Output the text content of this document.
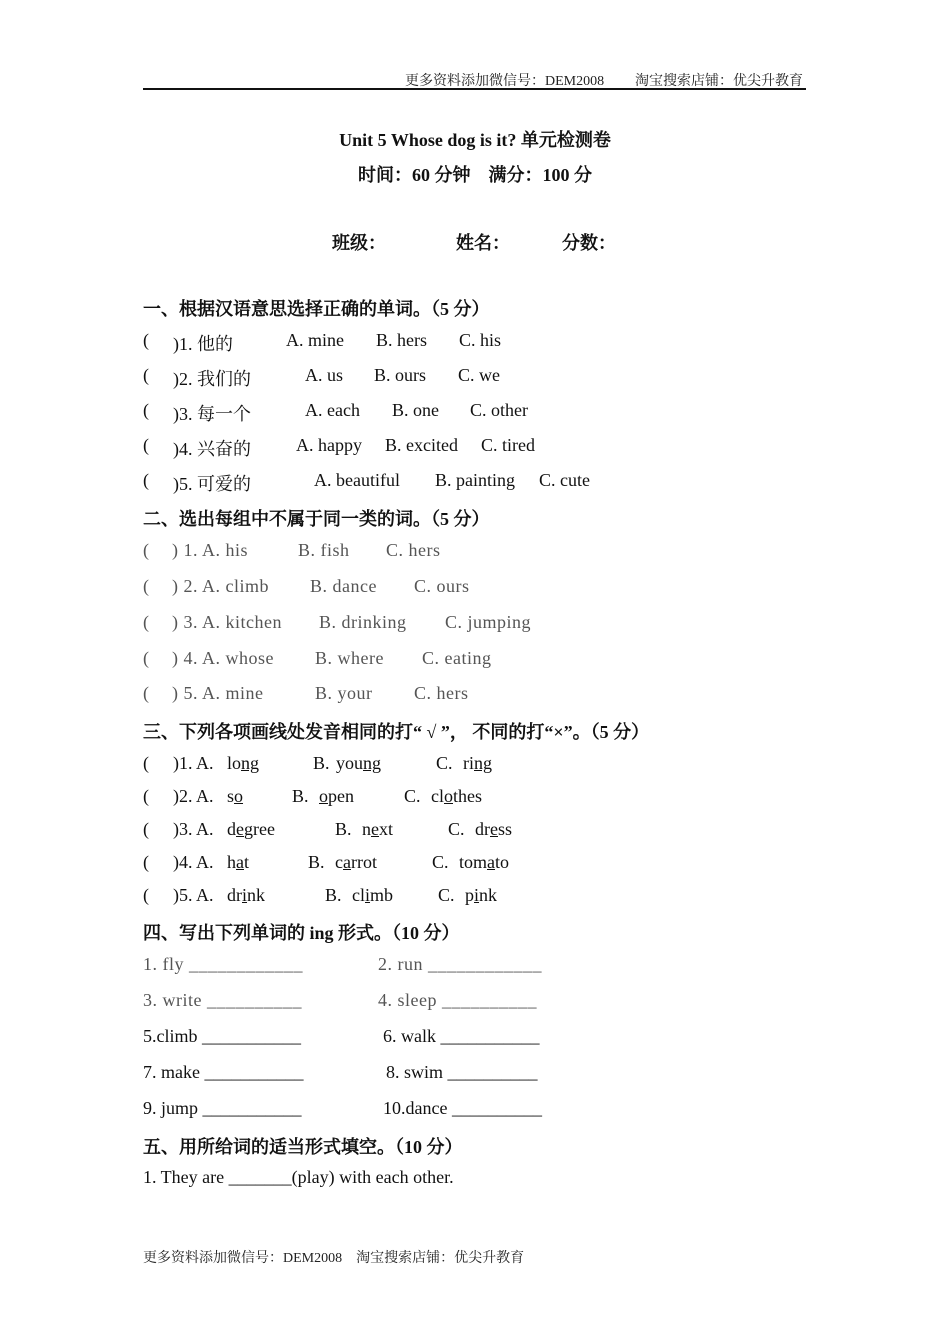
更多资料添加微信号：DEM2008 淘宝搜索店铺：优尖升教育
Unit 5 Whose dog is it? 单元检测卷
时间：60 分钟    满分：100 分
班级：	姓名：	分数：
一、根据汉语意思选择正确的单词。（5 分）
( )1. 他的	A. mine B. hers C. his
( )2. 我们的	A. us B. ours C. we
( )3. 每一个	A. each B. one C. other
( )4. 兴奋的	A. happy B. excited C. tired
( )5. 可爱的	A. beautiful B. painting C. cute
二、选出每组中不属于同一类的词。（5 分）
( ) 1. A. his	B. fish C. hers
( ) 2. A. climb B. dance C. ours
( ) 3. A. kitchen B. drinking C. jumping
( ) 4. A. whose B. where C. eating
( ) 5. A. mine	B. your C. hers
三、下列各项画线处发音相同的打“ √ ”， 不同的打“×”。（5 分）
( )1. A. long	B. young	C. ring
( )2. A. so	B. open	C. clothes
( )3. A. degree	B. next	C. dress
( )4. A. hat	B. carrot	C. tomato
( )5. A. drink	B. climb C. pink
四、写出下列单词的 ing 形式。（10 分）
1. fly ____________	2. run ____________
3. write __________	4. sleep __________
5.climb ___________	6. walk ___________
7. make ___________	8. swim __________
9. jump ___________	10.dance __________
五、用所给词的适当形式填空。（10 分）
1. They are _______(play) with each other.
更多资料添加微信号：DEM2008    淘宝搜索店铺：优尖升教育
